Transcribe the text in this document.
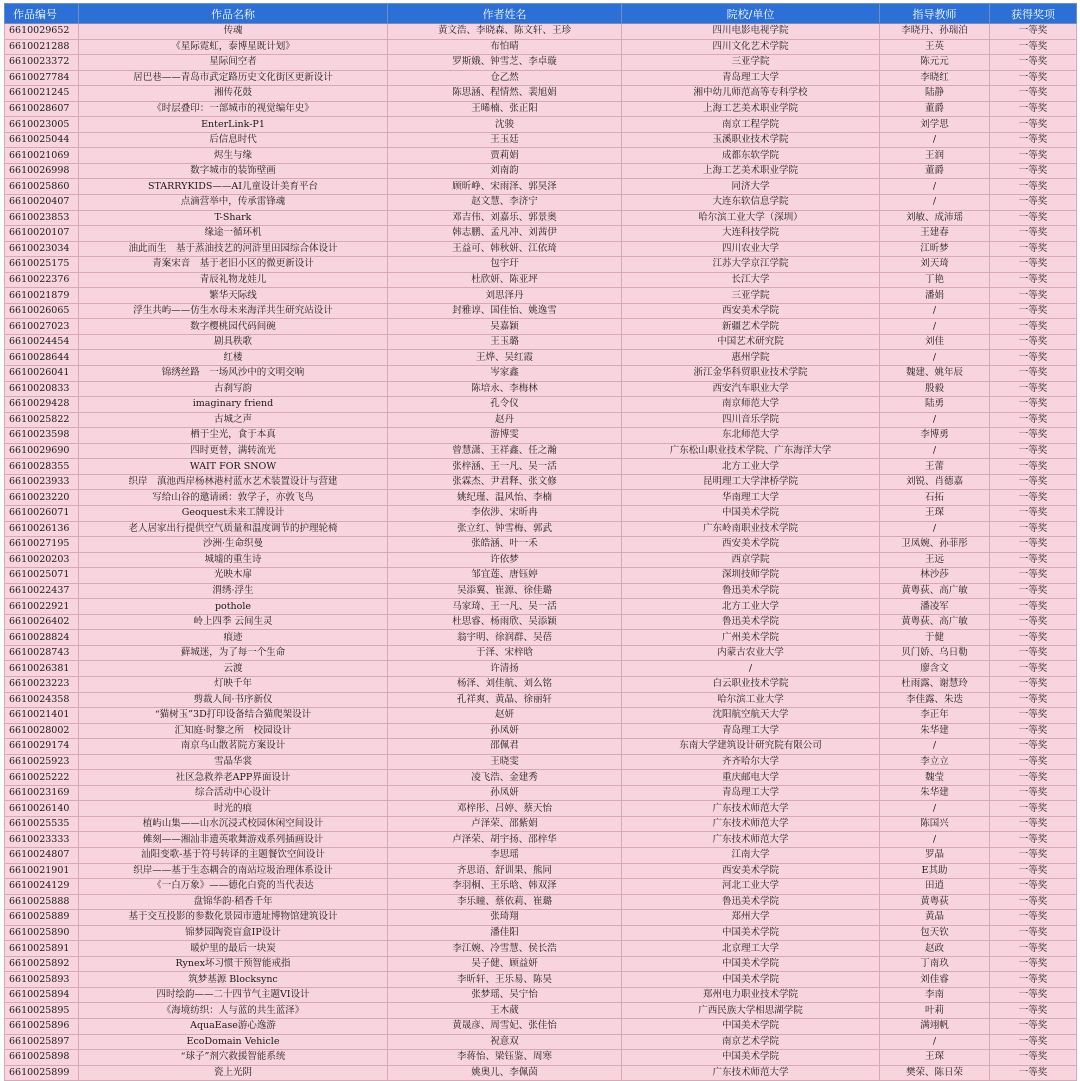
作品编号	作品名称	作者姓名	院校/单位	指导教师	获得奖项
6610029652	传魂	黄文浩、李晓森、陈文轩、王珍	四川电影电视学院	李晓丹、孙瑞泊	一等奖
6610021288	《星际霓虹，泰博星既计划》	布怕晴	四川文化艺术学院	王英	一等奖
6610023372	星际间空者	罗斯娥、钟雪芝、李卓璇	三亚学院	陈元元	一等奖
6610027784	居巴巷——青岛市武定路历史文化街区更新设计	仓乙然	青岛理工大学	李晓红	一等奖
6610021245	湘传花鼓	陈思涵、程情然、裴旭娟	湘中幼儿师范高等专科学校	陆静	一等奖
6610028607	《时层叠印：一部城市的视觉编年史》	王晞楠、张正阳	上海工艺美术职业学院	董爵	一等奖
6610023005	EnterLink-P1	沈骏	南京工程学院	刘学思	一等奖
6610025044	后信息时代	王玉廷	玉溪职业技术学院	/	一等奖
6610021069	烬生与缘	贾莉娟	成都东软学院	王润	一等奖
6610026998	数字城市的装饰壁画	刘南韵	上海工艺美术职业学院	董爵	一等奖
6610025860	STARRYKIDS——AI儿童设计美育平台	顾昕峥、宋雨泽、郭昊泽	同济大学	/	一等奖
6610020407	点滴营举中，传承雷锋魂	赵文慧、李济宁	大连东软信息学院	/	一等奖
6610023853	T-Shark	邓吉伟、刘嘉乐、郭景奥	哈尔滨工业大学（深圳）	刘敏、成沛瑶	一等奖
6610020107	缘途一循环机	韩志鹏、孟凡冲、刘茜伊	大连科技学院	王建春	一等奖
6610023034	油此而生　基于蒸油技艺的河浒里田园综合体设计	王益可、韩秋妍、江依琦	四川农业大学	江昕梦	一等奖
6610025175	青案宋音　基于老旧小区的微更新设计	包宇玗	江苏大学京江学院	刘天琦	一等奖
6610022376	青辰礼物龙娃儿	杜欣妍、陈亚坪	长江大学	丁艳	一等奖
6610021879	繁华天际线	刘思泽丹	三亚学院	潘娟	一等奖
6610026065	浮生共屿——仿生水母未来海洋共生研究站设计	封雅谆、国佳怡、姚逸雪	西安美术学院	/	一等奖
6610027023	数字樱桃园代码间碗	吴嘉颖	新疆艺术学院	/	一等奖
6610024454	剧具秩歌	王玉璐	中国艺术研究院	刘佳	一等奖
6610028644	红楼	王烨、吴红霞	惠州学院	/	一等奖
6610026041	锦绣丝路　一场风沙中的文明交响	岑家鑫	浙江金华科贸职业技术学院	魏建、姚年辰	一等奖
6610020833	古刹写韵	陈培永、李梅林	西安汽车职业大学	殷毅	一等奖
6610029428	imaginary friend	孔令仪	南京师范大学	陆勇	一等奖
6610025822	古城之声	赵丹	四川音乐学院	/	一等奖
6610023598	栖于尘光，食于本真	游博雯	东北师范大学	李博勇	一等奖
6610029690	四时更替，满转流光	曾慧潇、王祥鑫、任之瀚	广东松山职业技术学院、广东海洋大学	/	一等奖
6610028355	WAIT FOR SNOW	张梓涵、王一凡、吴一活	北方工业大学	王蕾	一等奖
6610023933	织岸　滇池西岸杨林港村蓝水艺术装置设计与营建	张霖杰、尹君释、张文修	昆明理工大学津桥学院	刘锐、肖德嘉	一等奖
6610023220	写给山谷的邀请函：敦学子，亦敦飞鸟	姚纪瑾、温风怡、李楠	华南理工大学	石拓	一等奖
6610026071	Geoquest未来工牌设计	李依涉、宋昕冉	中国美术学院	王琛	一等奖
6610026136	老人居家出行提供空气质量和温度调节的护理轮椅	张立红、钟雪梅、郭武	广东岭南职业技术学院	/	一等奖
6610027195	沙洲·生命织曼	张皓涵、叶一禾	西安美术学院	卫凤婉、孙菲彤	一等奖
6610020203	城墟的重生诗	许依梦	西京学院	王远	一等奖
6610025071	光映木扉	邹宜莲、唐钰婷	深圳技师学院	林沙莎	一等奖
6610022437	渭绣·浮生	吴添翼、崔源、徐佳璐	鲁迅美术学院	黄粤荻、高广敏	一等奖
6610022921	pothole	马家琦、王一凡、吴一活	北方工业大学	潘凌军	一等奖
6610026402	岭上四季 云间生灵	杜思睿、杨雨欣、吴添颖	鲁迅美术学院	黄粤荻、高广敏	一等奖
6610028824	痕迹	翁宇明、徐润群、吴蓓	广州美术学院	于健	一等奖
6610028743	藓城迷，为了每一个生命	于泽、宋梓晗	内蒙古农业大学	贝门娇、乌日勒	一等奖
6610026381	云渡	许清扬	/	廖含文	一等奖
6610023223	灯映千年	杨泽、刘佳航、刘么铭	白云职业技术学院	杜雨露、谢慧玲	一等奖
6610024358	剪裁人间·书序新仪	孔祥爽、黄晶、徐丽轩	哈尔滨工业大学	李佳露、朱迭	一等奖
6610021401	“猫树玉”3D打印设备结合猫爬架设计	赵妍	沈阳航空航天大学	李正年	一等奖
6610028002	汇知庭·时黎之所　校园设计	孙凤妍	青岛理工大学	朱华建	一等奖
6610029174	南京乌山散茗院方案设计	邵佩君	东南大学建筑设计研究院有限公司	/	一等奖
6610025923	雪晶华裳	王晓雯	齐齐哈尔大学	李立立	一等奖
6610025222	社区急救养老APP界面设计	凌飞浩、金建秀	重庆邮电大学	魏莹	一等奖
6610023169	综合活动中心设计	孙凤妍	青岛理工大学	朱华建	一等奖
6610026140	时光的痕	邓梓彤、吕婷、蔡天怡	广东技术师范大学	/	一等奖
6610025535	植屿山集——山水沉浸式校园休闲空间设计	卢泽荣、邵紫娟	广东技术师范大学	陈国兴	一等奖
6610023333	傩刻——湘汕非遗英歌舞游戏系列插画设计	卢泽荣、胡宇扬、邵梓华	广东技术师范大学	/	一等奖
6610024807	汕阳变歌-基于符号转译的主题餐饮空间设计	李思瑶	江南大学	罗晶	一等奖
6610021901	织岸——基于生态耦合的南站垃圾治理体系设计	齐思语、舒训果、熊同	西安美术学院	E其助	一等奖
6610024129	《一白万象》——德化白瓷的当代表达	李羽桐、王乐晗、韩双泽	河北工业大学	田逍	一等奖
6610025888	盘锦华韵·稻香千年	李乐瞳、蔡依莉、崔璐	鲁迅美术学院	黄粤荻	一等奖
6610025889	基于交互投影的参数化景园市遗址博物馆建筑设计	张琦翔	郑州大学	黄晶	一等奖
6610025890	锦梦园陶瓷盲盒IP设计	潘佳阳	中国美术学院	包天钦	一等奖
6610025891	暖炉里的最后一块炭	李江婉、冷雪慧、侯长浩	北京理工大学	赵政	一等奖
6610025892	Rynex坏习惯干预智能戒指	吴子健、顾益妍	中国美术学院	丁南玖	一等奖
6610025893	筑梦基源 Blocksync	李昕轩、王乐易、陈昊	中国美术学院	刘佳睿	一等奖
6610025894	四时绘韵——二十四节气主题VI设计	张梦瑶、吴宁怡	郑州电力职业技术学院	李南	一等奖
6610025895	《海境纺织：人与蓝的共生蓝泽》	王木葳	广西民族大学相思湖学院	叶莉	一等奖
6610025896	AquaEase游心逸游	黄晟彦、周雪妃、张佳怡	中国美术学院	满翊帆	一等奖
6610025897	EcoDomain Vehicle	祝意双	南京艺术学院	/	一等奖
6610025898	“球子”剂穴救援智能系统	李蒋怡、梁钰鉴、周寒	中国美术学院	王琛	一等奖
6610025899	瓷上光阴	姚奥儿、李佩茵	广东技术师范大学	樊荣、陈日荣	一等奖
